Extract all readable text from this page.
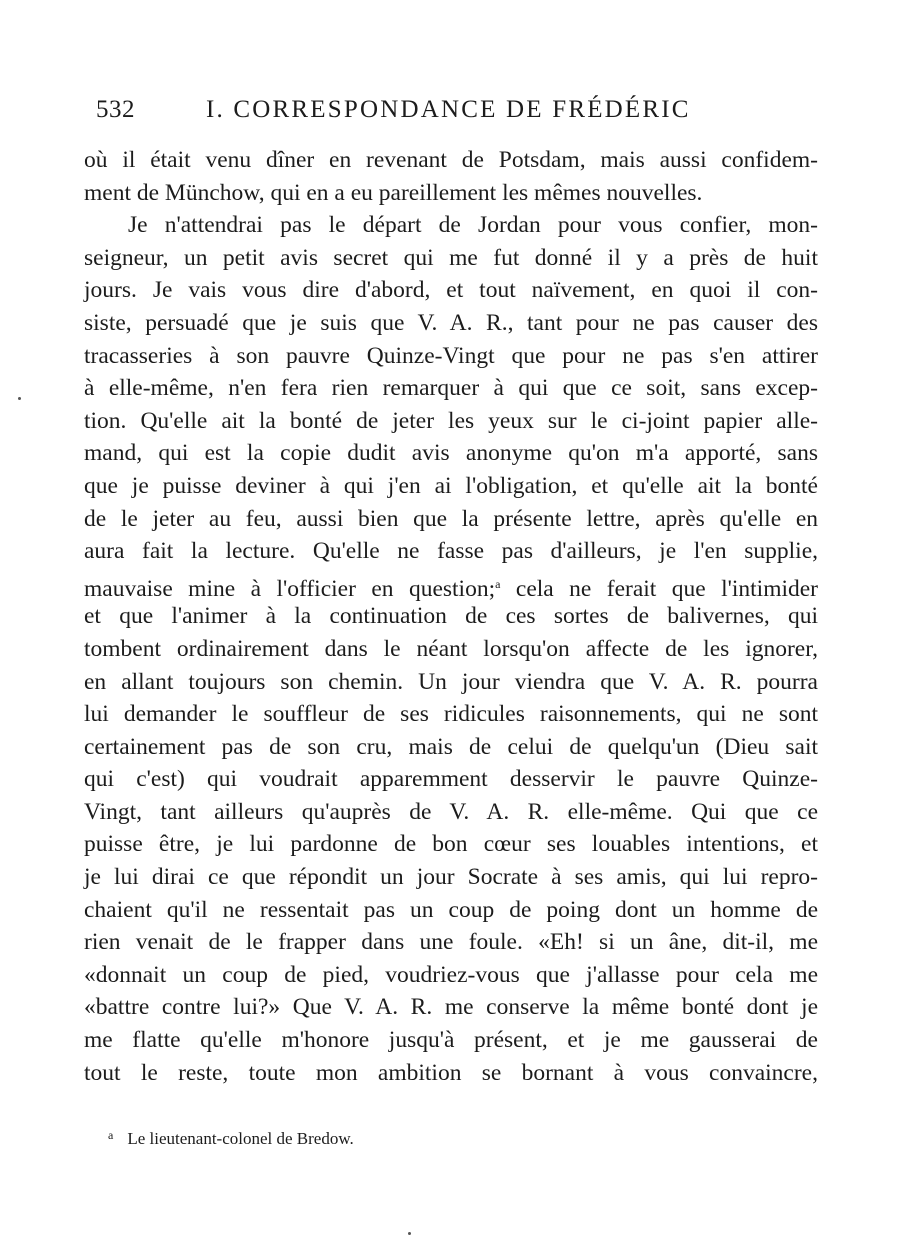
532	I. CORRESPONDANCE DE FRÉDÉRIC
où il était venu dîner en revenant de Potsdam, mais aussi confidem-
ment de Münchow, qui en a eu pareillement les mêmes nouvelles.
Je n'attendrai pas le départ de Jordan pour vous confier, mon-
seigneur, un petit avis secret qui me fut donné il y a près de huit
jours. Je vais vous dire d'abord, et tout naïvement, en quoi il con-
siste, persuadé que je suis que V. A. R., tant pour ne pas causer des
tracasseries à son pauvre Quinze-Vingt que pour ne pas s'en attirer
à elle-même, n'en fera rien remarquer à qui que ce soit, sans excep-
tion. Qu'elle ait la bonté de jeter les yeux sur le ci-joint papier alle-
mand, qui est la copie dudit avis anonyme qu'on m'a apporté, sans
que je puisse deviner à qui j'en ai l'obligation, et qu'elle ait la bonté
de le jeter au feu, aussi bien que la présente lettre, après qu'elle en
aura fait la lecture. Qu'elle ne fasse pas d'ailleurs, je l'en supplie,
mauvaise mine à l'officier en question;$^a$ cela ne ferait que l'intimider
et que l'animer à la continuation de ces sortes de balivernes, qui
tombent ordinairement dans le néant lorsqu'on affecte de les ignorer,
en allant toujours son chemin. Un jour viendra que V. A. R. pourra
lui demander le souffleur de ses ridicules raisonnements, qui ne sont
certainement pas de son cru, mais de celui de quelqu'un (Dieu sait
qui c'est) qui voudrait apparemment desservir le pauvre Quinze-
Vingt, tant ailleurs qu'auprès de V. A. R. elle-même. Qui que ce
puisse être, je lui pardonne de bon cœur ses louables intentions, et
je lui dirai ce que répondit un jour Socrate à ses amis, qui lui repro-
chaient qu'il ne ressentait pas un coup de poing dont un homme de
rien venait de le frapper dans une foule. «Eh! si un âne, dit-il, me
«donnait un coup de pied, voudriez-vous que j'allasse pour cela me
«battre contre lui?» Que V. A. R. me conserve la même bonté dont je
me flatte qu'elle m'honore jusqu'à présent, et je me gausserai de
tout le reste, toute mon ambition se bornant à vous convaincre,
$^a$ Le lieutenant-colonel de Bredow.
